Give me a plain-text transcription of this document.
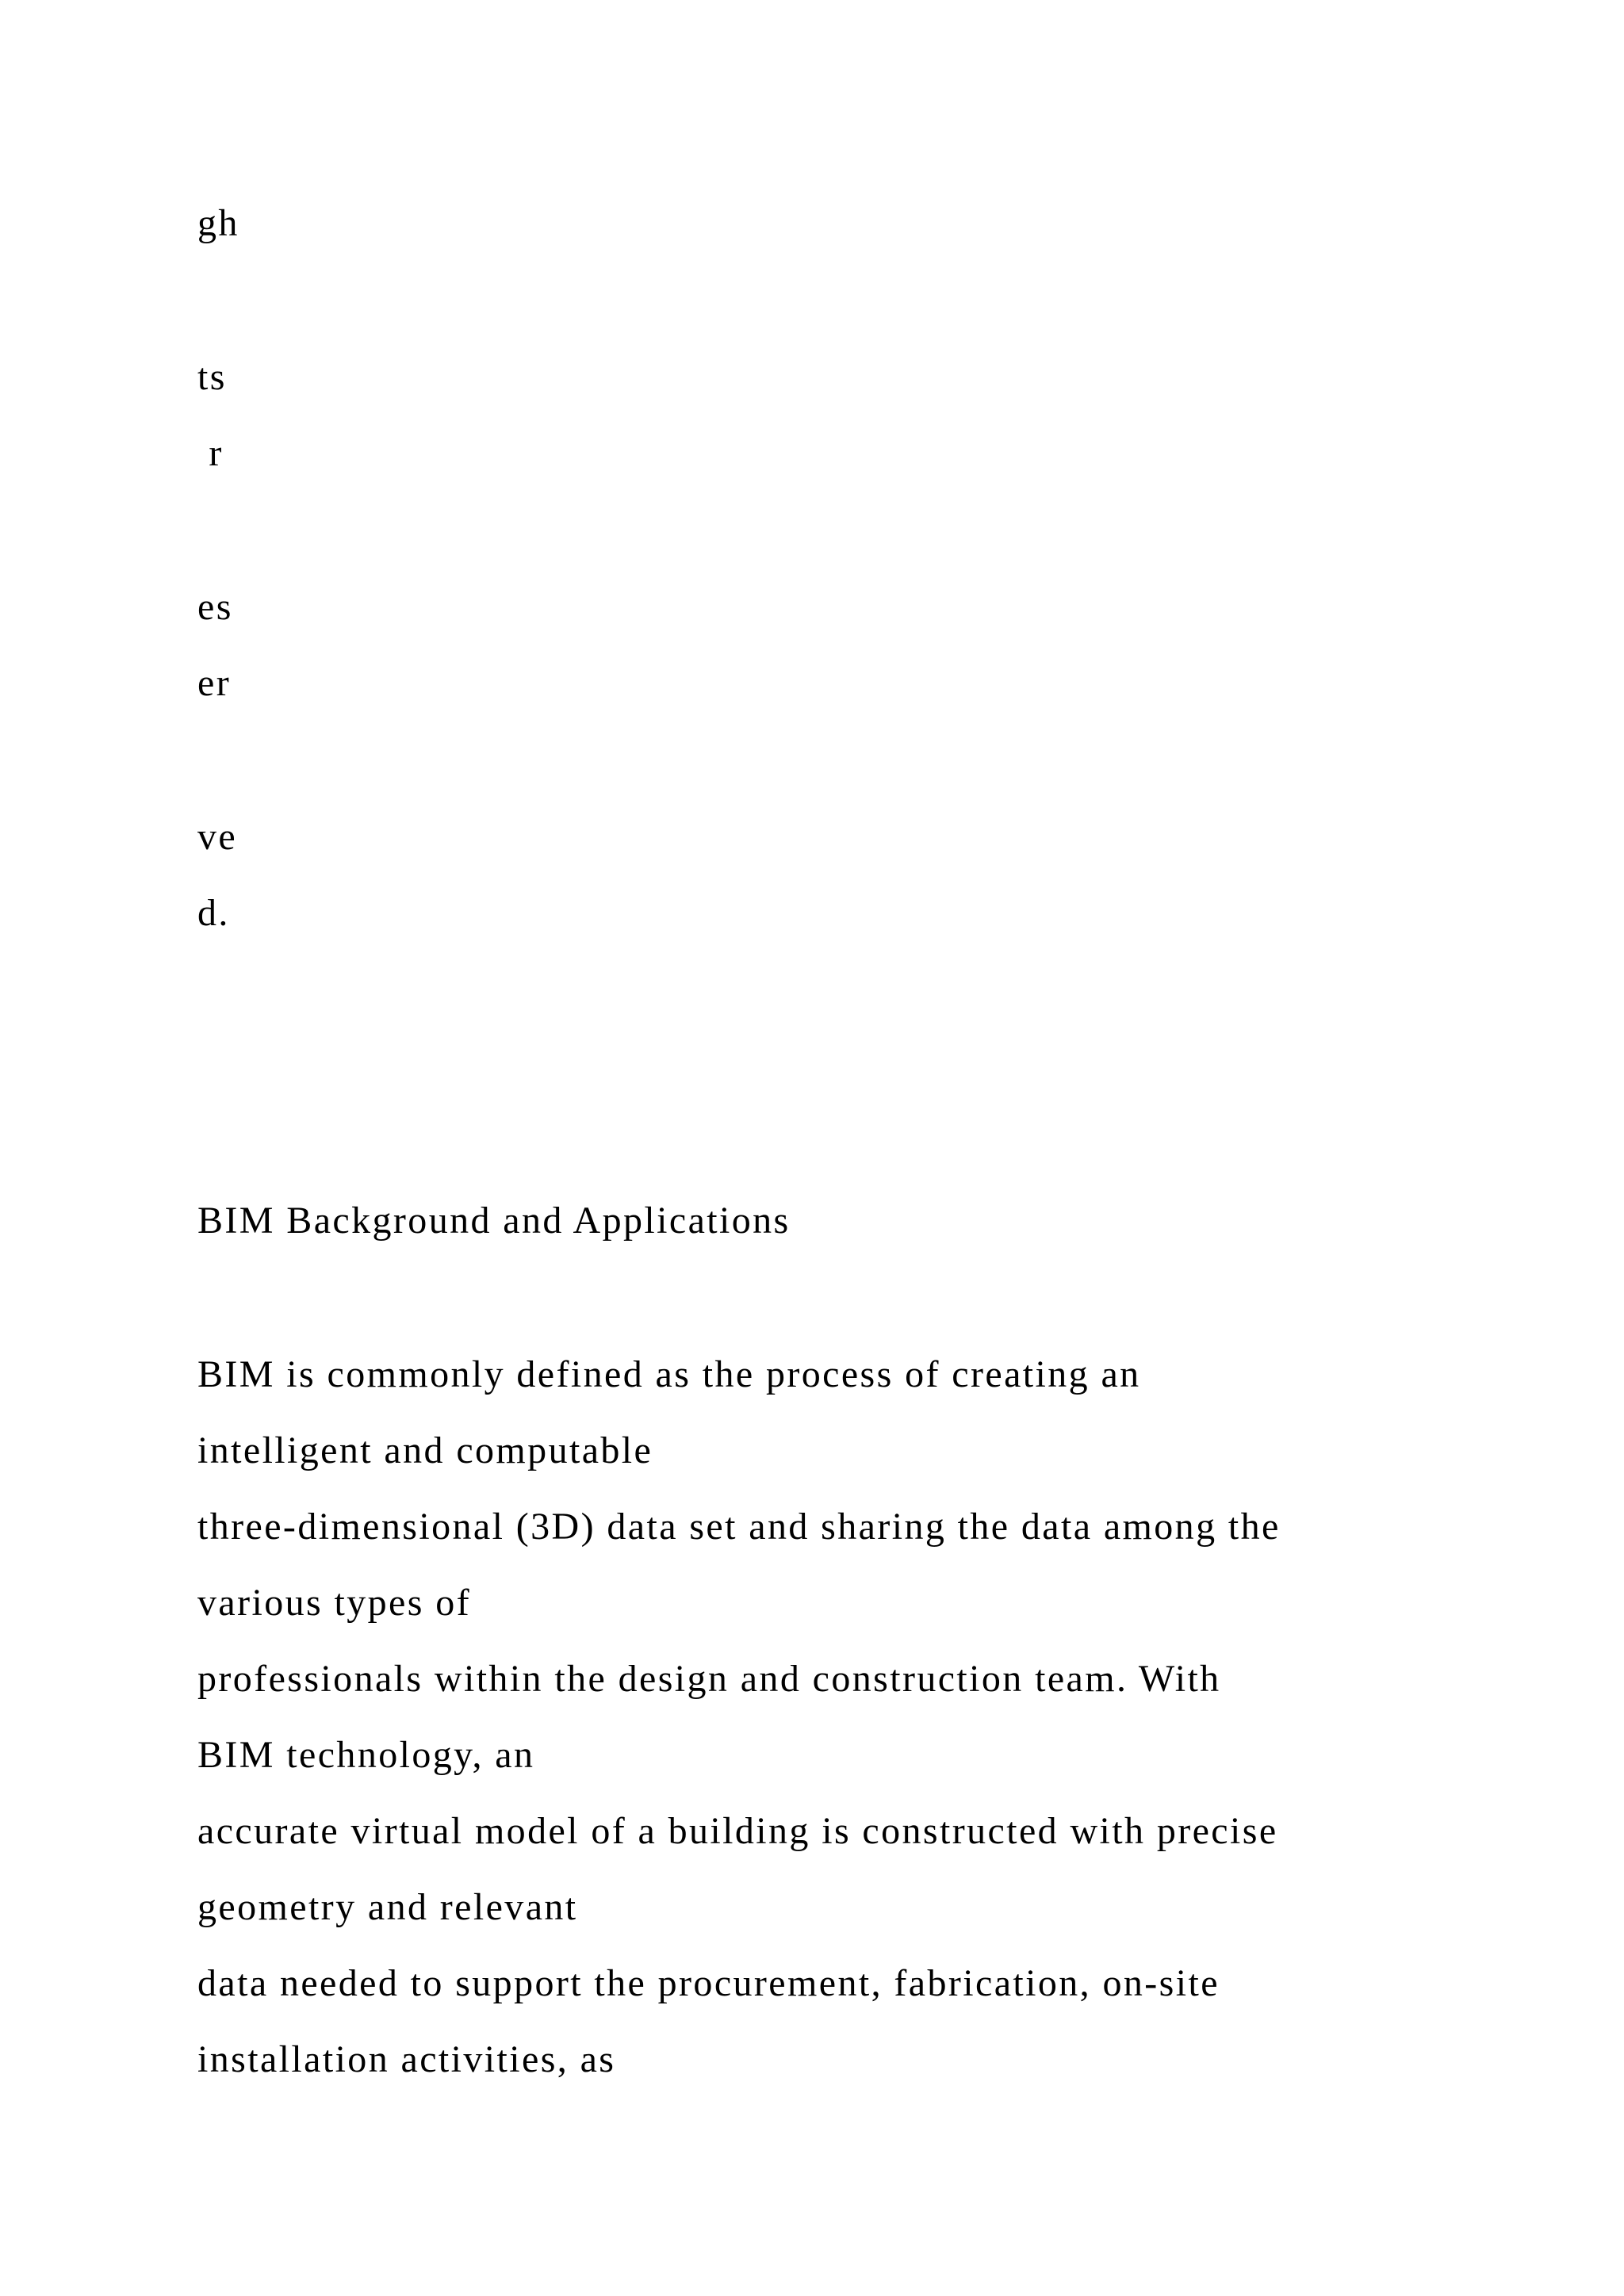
gh

ts

r

es

er

ve

d.

BIM Background and Applications

BIM is commonly defined as the process of creating an

intelligent and computable

three-dimensional (3D) data set and sharing the data among the

various types of

professionals within the design and construction team. With

BIM technology, an

accurate virtual model of a building is constructed with precise

geometry and relevant

data needed to support the procurement, fabrication, on-site

installation activities, as
